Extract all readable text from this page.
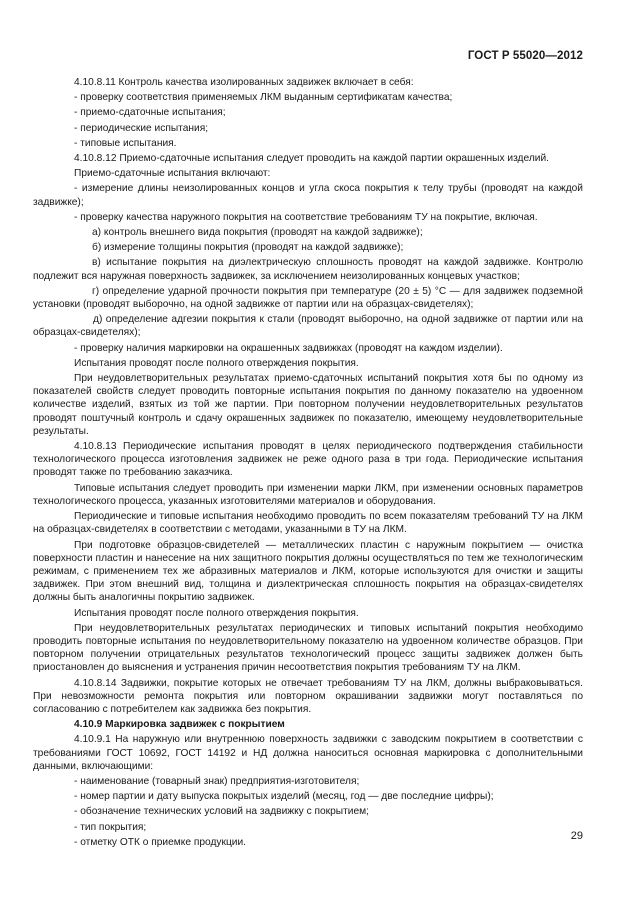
ГОСТ Р 55020—2012

4.10.8.11 Контроль качества изолированных задвижек включает в себя:

- проверку соответствия применяемых ЛКМ выданным сертификатам качества;

- приемо-сдаточные испытания;

- периодические испытания;

- типовые испытания.

4.10.8.12 Приемо-сдаточные испытания следует проводить на каждой партии окрашенных изделий.

Приемо-сдаточные испытания включают:

- измерение длины неизолированных концов и угла скоса покрытия к телу трубы (проводят на каждой задвижке);

- проверку качества наружного покрытия на соответствие требованиям ТУ на покрытие, включая.

а) контроль внешнего вида покрытия (проводят на каждой задвижке);

б) измерение толщины покрытия (проводят на каждой задвижке);

в) испытание покрытия на диэлектрическую сплошность проводят на каждой задвижке. Контролю подлежит вся наружная поверхность задвижек, за исключением неизолированных концевых участков;

г) определение ударной прочности покрытия при температуре (20 ± 5) °С — для задвижек подземной установки (проводят выборочно, на одной задвижке от партии или на образцах-свидетелях);

д) определение адгезии покрытия к стали (проводят выборочно, на одной задвижке от партии или на образцах-свидетелях);

- проверку наличия маркировки на окрашенных задвижках (проводят на каждом изделии).

Испытания проводят после полного отверждения покрытия.

При неудовлетворительных результатах приемо-сдаточных испытаний покрытия хотя бы по одному из показателей свойств следует проводить повторные испытания покрытия по данному показателю на удвоенном количестве изделий, взятых из той же партии. При повторном получении неудовлетворительных результатов проводят поштучный контроль и сдачу окрашенных задвижек по показателю, имеющему неудовлетворительные результаты.

4.10.8.13 Периодические испытания проводят в целях периодического подтверждения стабильности технологического процесса изготовления задвижек не реже одного раза в три года. Периодические испытания проводят также по требованию заказчика.

Типовые испытания следует проводить при изменении марки ЛКМ, при изменении основных параметров технологического процесса, указанных изготовителями материалов и оборудования.

Периодические и типовые испытания необходимо проводить по всем показателям требований ТУ на ЛКМ на образцах-свидетелях в соответствии с методами, указанными в ТУ на ЛКМ.

При подготовке образцов-свидетелей — металлических пластин с наружным покрытием — очистка поверхности пластин и нанесение на них защитного покрытия должны осуществляться по тем же технологическим режимам, с применением тех же абразивных материалов и ЛКМ, которые используются для очистки и защиты задвижек. При этом внешний вид, толщина и диэлектрическая сплошность покрытия на образцах-свидетелях должны быть аналогичны покрытию задвижек.

Испытания проводят после полного отверждения покрытия.

При неудовлетворительных результатах периодических и типовых испытаний покрытия необходимо проводить повторные испытания по неудовлетворительному показателю на удвоенном количестве образцов. При повторном получении отрицательных результатов технологический процесс защиты задвижек должен быть приостановлен до выяснения и устранения причин несоответствия покрытия требованиям ТУ на ЛКМ.

4.10.8.14 Задвижки, покрытие которых не отвечает требованиям ТУ на ЛКМ, должны выбраковываться. При невозможности ремонта покрытия или повторном окрашивании задвижки могут поставляться по согласованию с потребителем как задвижка без покрытия.

4.10.9 Маркировка задвижек с покрытием

4.10.9.1 На наружную или внутреннюю поверхность задвижки с заводским покрытием в соответствии с требованиями ГОСТ 10692, ГОСТ 14192 и НД должна наноситься основная маркировка с дополнительными данными, включающими:

- наименование (товарный знак) предприятия-изготовителя;

- номер партии и дату выпуска покрытых изделий (месяц, год — две последние цифры);

- обозначение технических условий на задвижку с покрытием;

- тип покрытия;

- отметку ОТК о приемке продукции.

29
